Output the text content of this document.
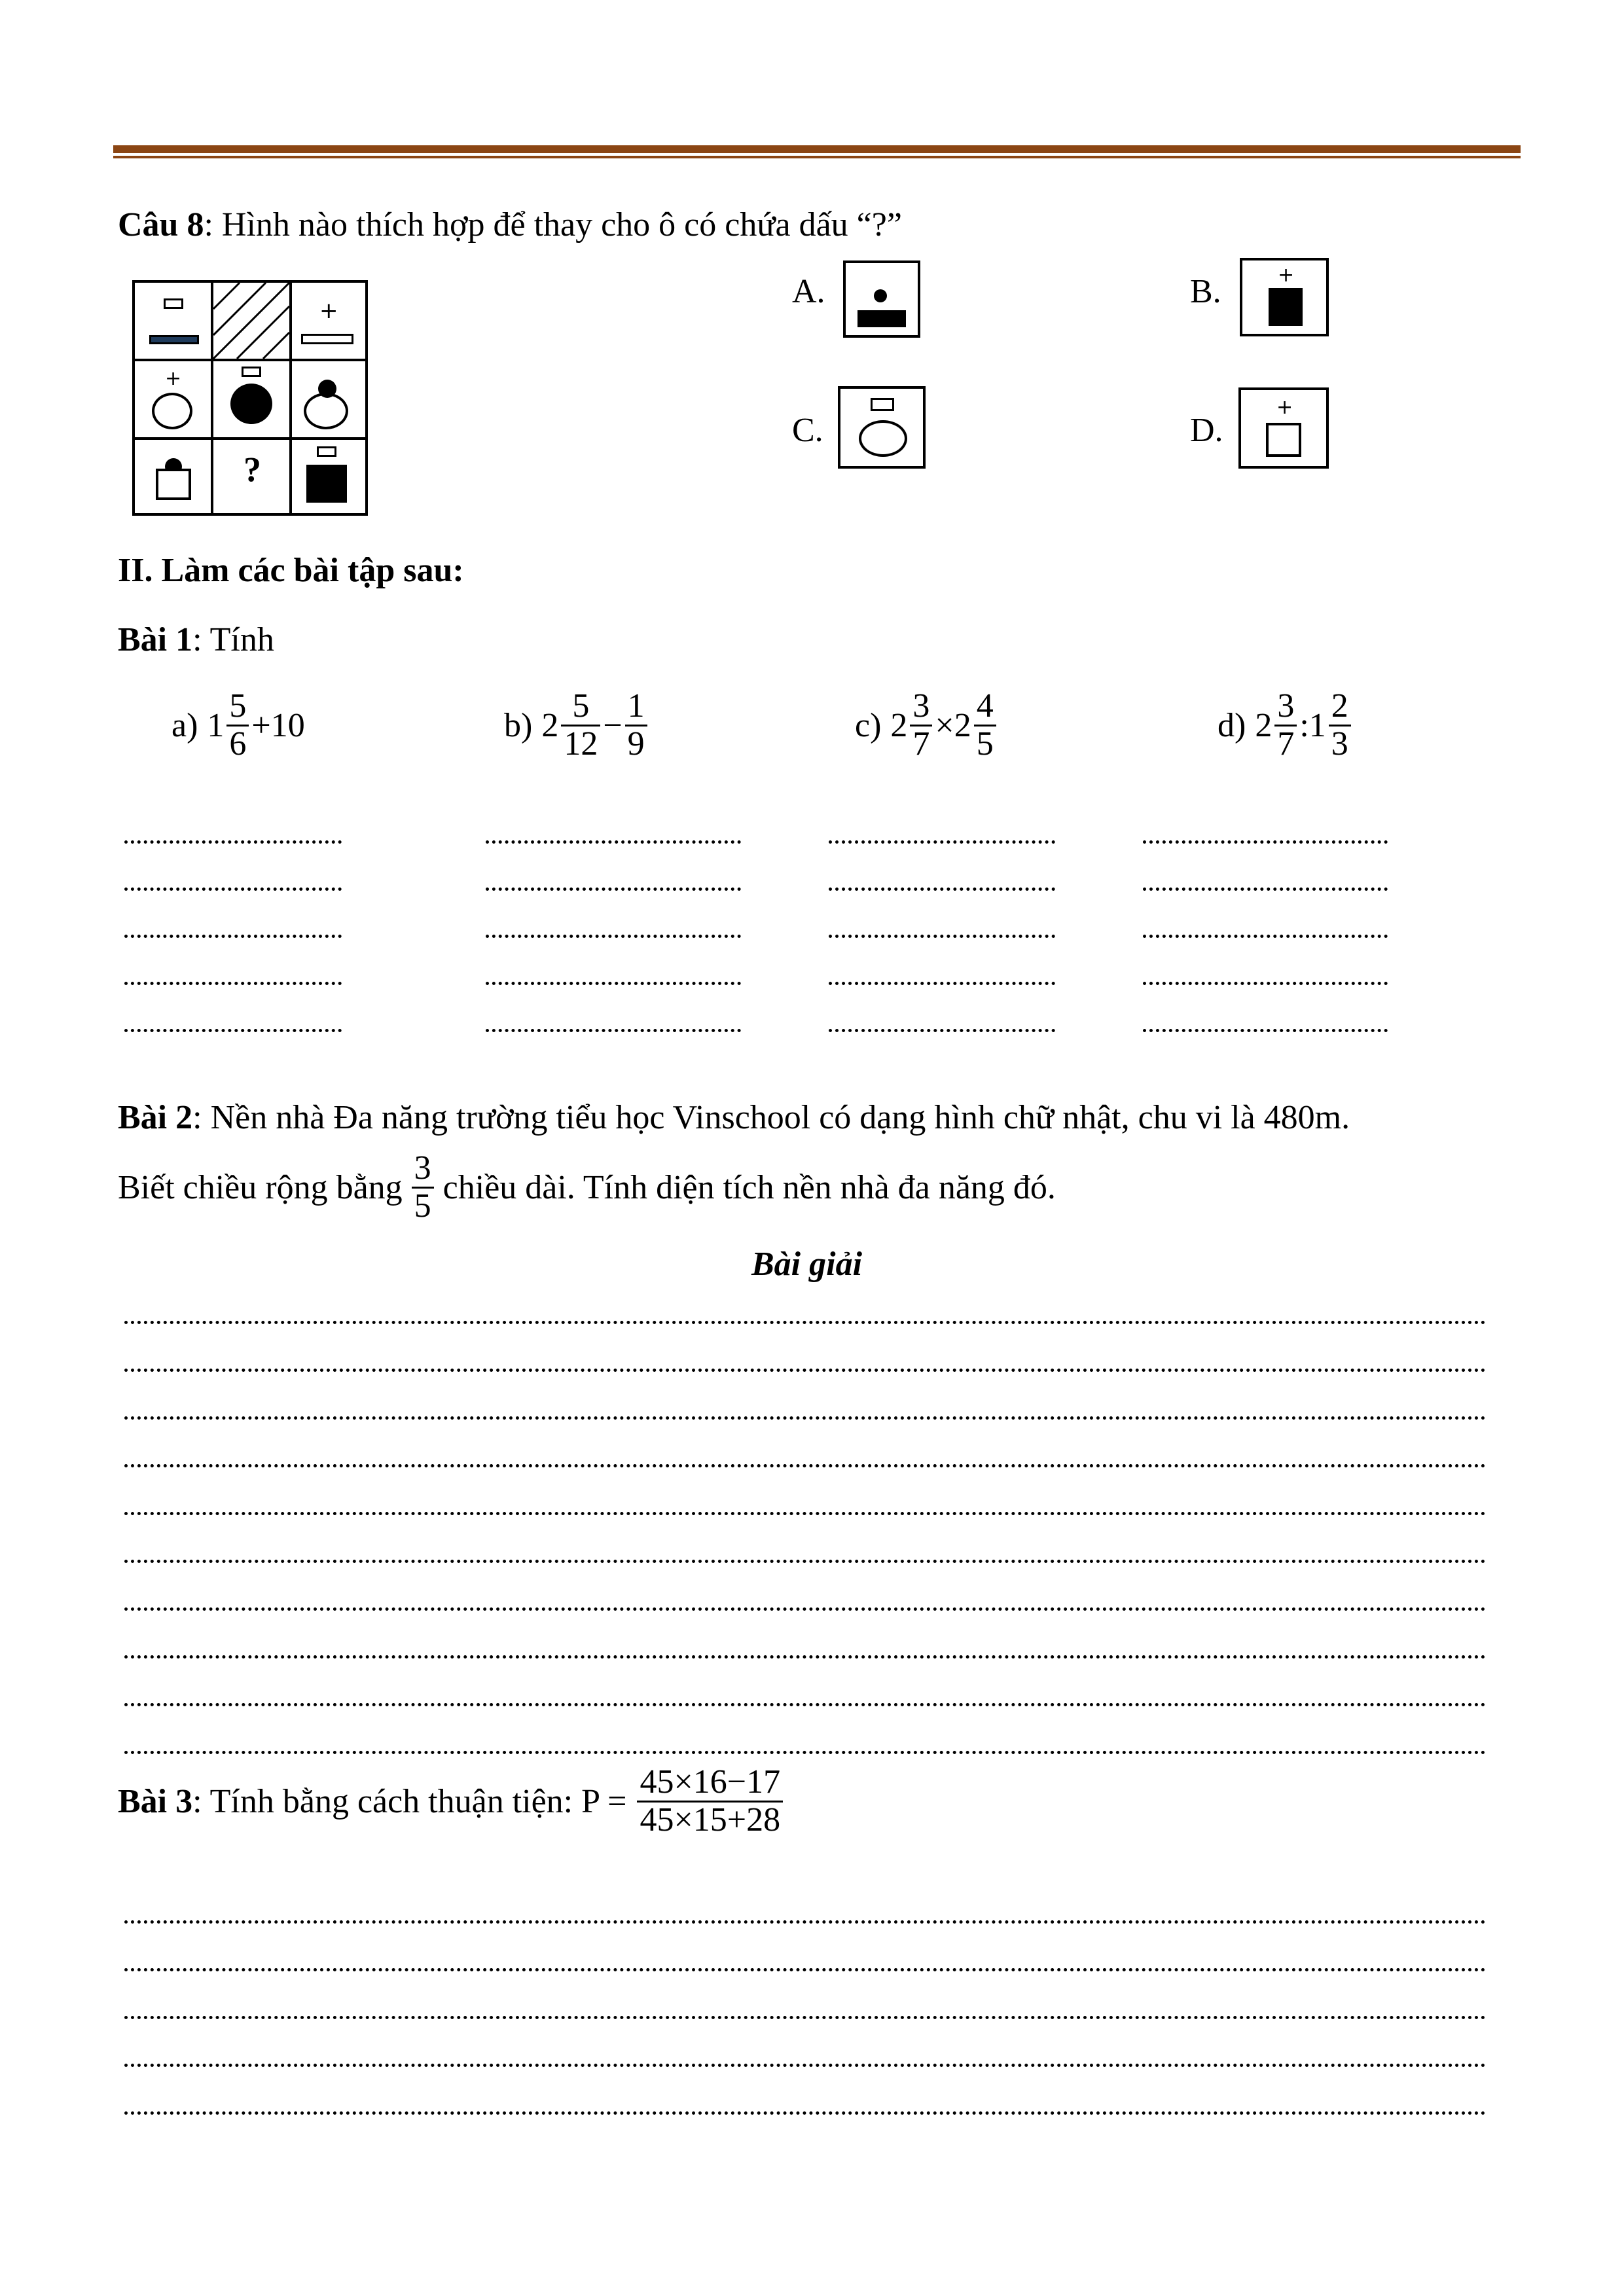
Câu 8: Hình nào thích hợp để thay cho ô có chứa dấu “?”
+
+
?
A.	B.	+
C.	D.
+
II. Làm các bài tập sau:
Bài 1: Tính
a) $1 \frac{5}{6} +10$	b) $2 \frac{5}{12} - \frac{1}{9}$	c) $2 \frac{3}{7} \times 2 \frac{4}{5}$	d) $2 \frac{3}{7}$ :1 $\frac{2}{3}$
Bài 2: Nền nhà Đa năng trường tiểu học Vinschool có dạng hình chữ nhật, chu vi là 480m.
Biết chiều rộng bằng $\frac{3}{5}$ chiều dài. Tính diện tích nền nhà đa năng đó.
Bài giải
Bài 3 : Tính bằng cách thuận tiện: $P = \frac{45\times 16-17}{45\times 15+28}$
